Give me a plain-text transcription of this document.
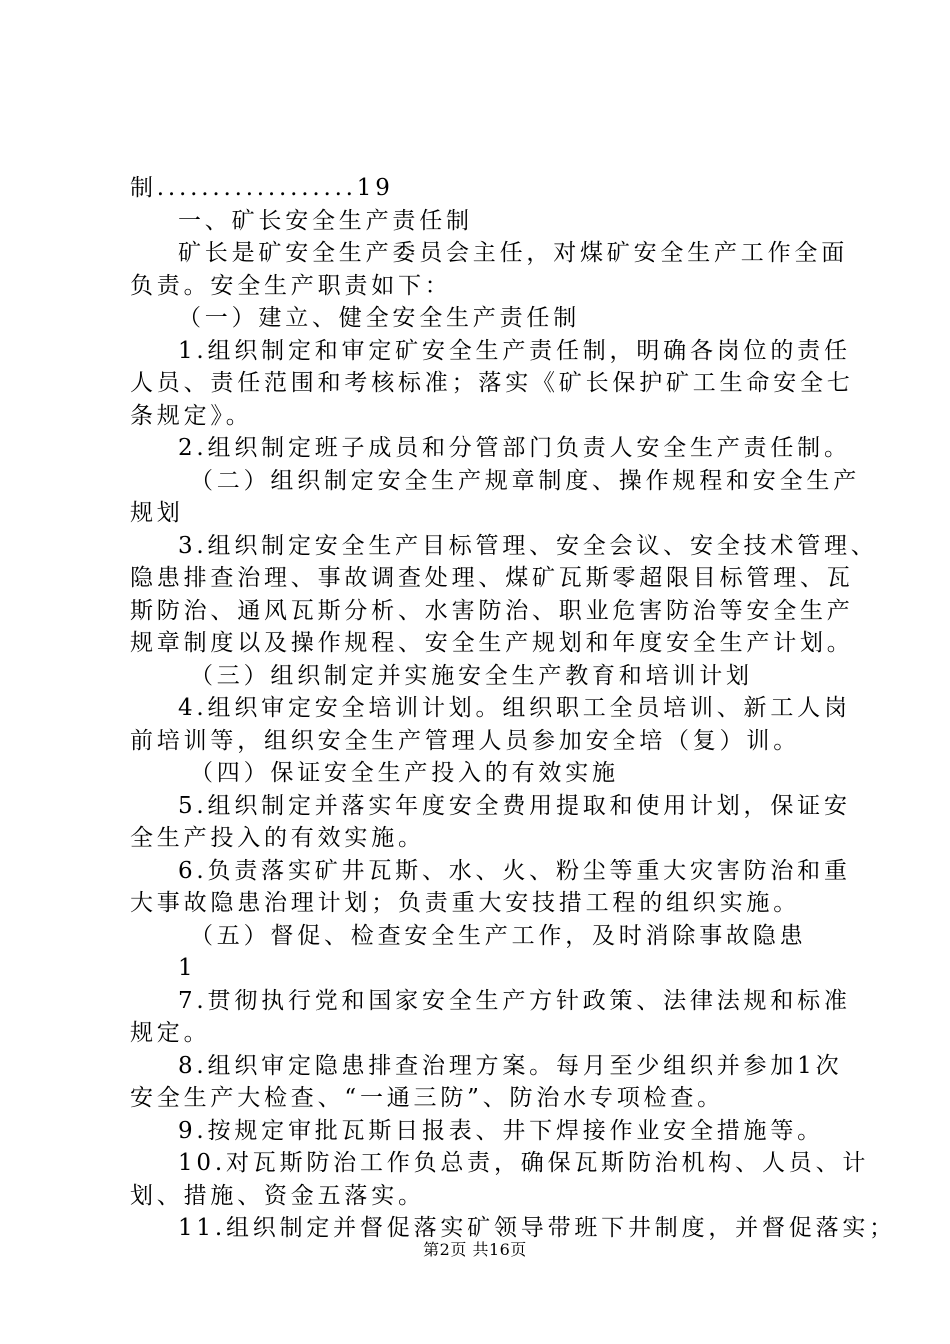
制..................19

一、矿长安全生产责任制

矿长是矿安全生产委员会主任，对煤矿安全生产工作全面

负责。安全生产职责如下：

（一）建立、健全安全生产责任制

1.组织制定和审定矿安全生产责任制，明确各岗位的责任

人员、责任范围和考核标准；落实《矿长保护矿工生命安全七

条规定》。

2.组织制定班子成员和分管部门负责人安全生产责任制。

（二）组织制定安全生产规章制度、操作规程和安全生产

规划

3.组织制定安全生产目标管理、安全会议、安全技术管理、

隐患排查治理、事故调查处理、煤矿瓦斯零超限目标管理、瓦

斯防治、通风瓦斯分析、水害防治、职业危害防治等安全生产

规章制度以及操作规程、安全生产规划和年度安全生产计划。

（三）组织制定并实施安全生产教育和培训计划

4.组织审定安全培训计划。组织职工全员培训、新工人岗

前培训等，组织安全生产管理人员参加安全培（复）训。

（四）保证安全生产投入的有效实施

5.组织制定并落实年度安全费用提取和使用计划，保证安

全生产投入的有效实施。

6.负责落实矿井瓦斯、水、火、粉尘等重大灾害防治和重

大事故隐患治理计划；负责重大安技措工程的组织实施。

（五）督促、检查安全生产工作，及时消除事故隐患

1

7.贯彻执行党和国家安全生产方针政策、法律法规和标准

规定。

8.组织审定隐患排查治理方案。每月至少组织并参加1次

安全生产大检查、“一通三防”、防治水专项检查。

9.按规定审批瓦斯日报表、井下焊接作业安全措施等。

10.对瓦斯防治工作负总责，确保瓦斯防治机构、人员、计

划、措施、资金五落实。

11.组织制定并督促落实矿领导带班下井制度，并督促落实；

第2页 共16页
